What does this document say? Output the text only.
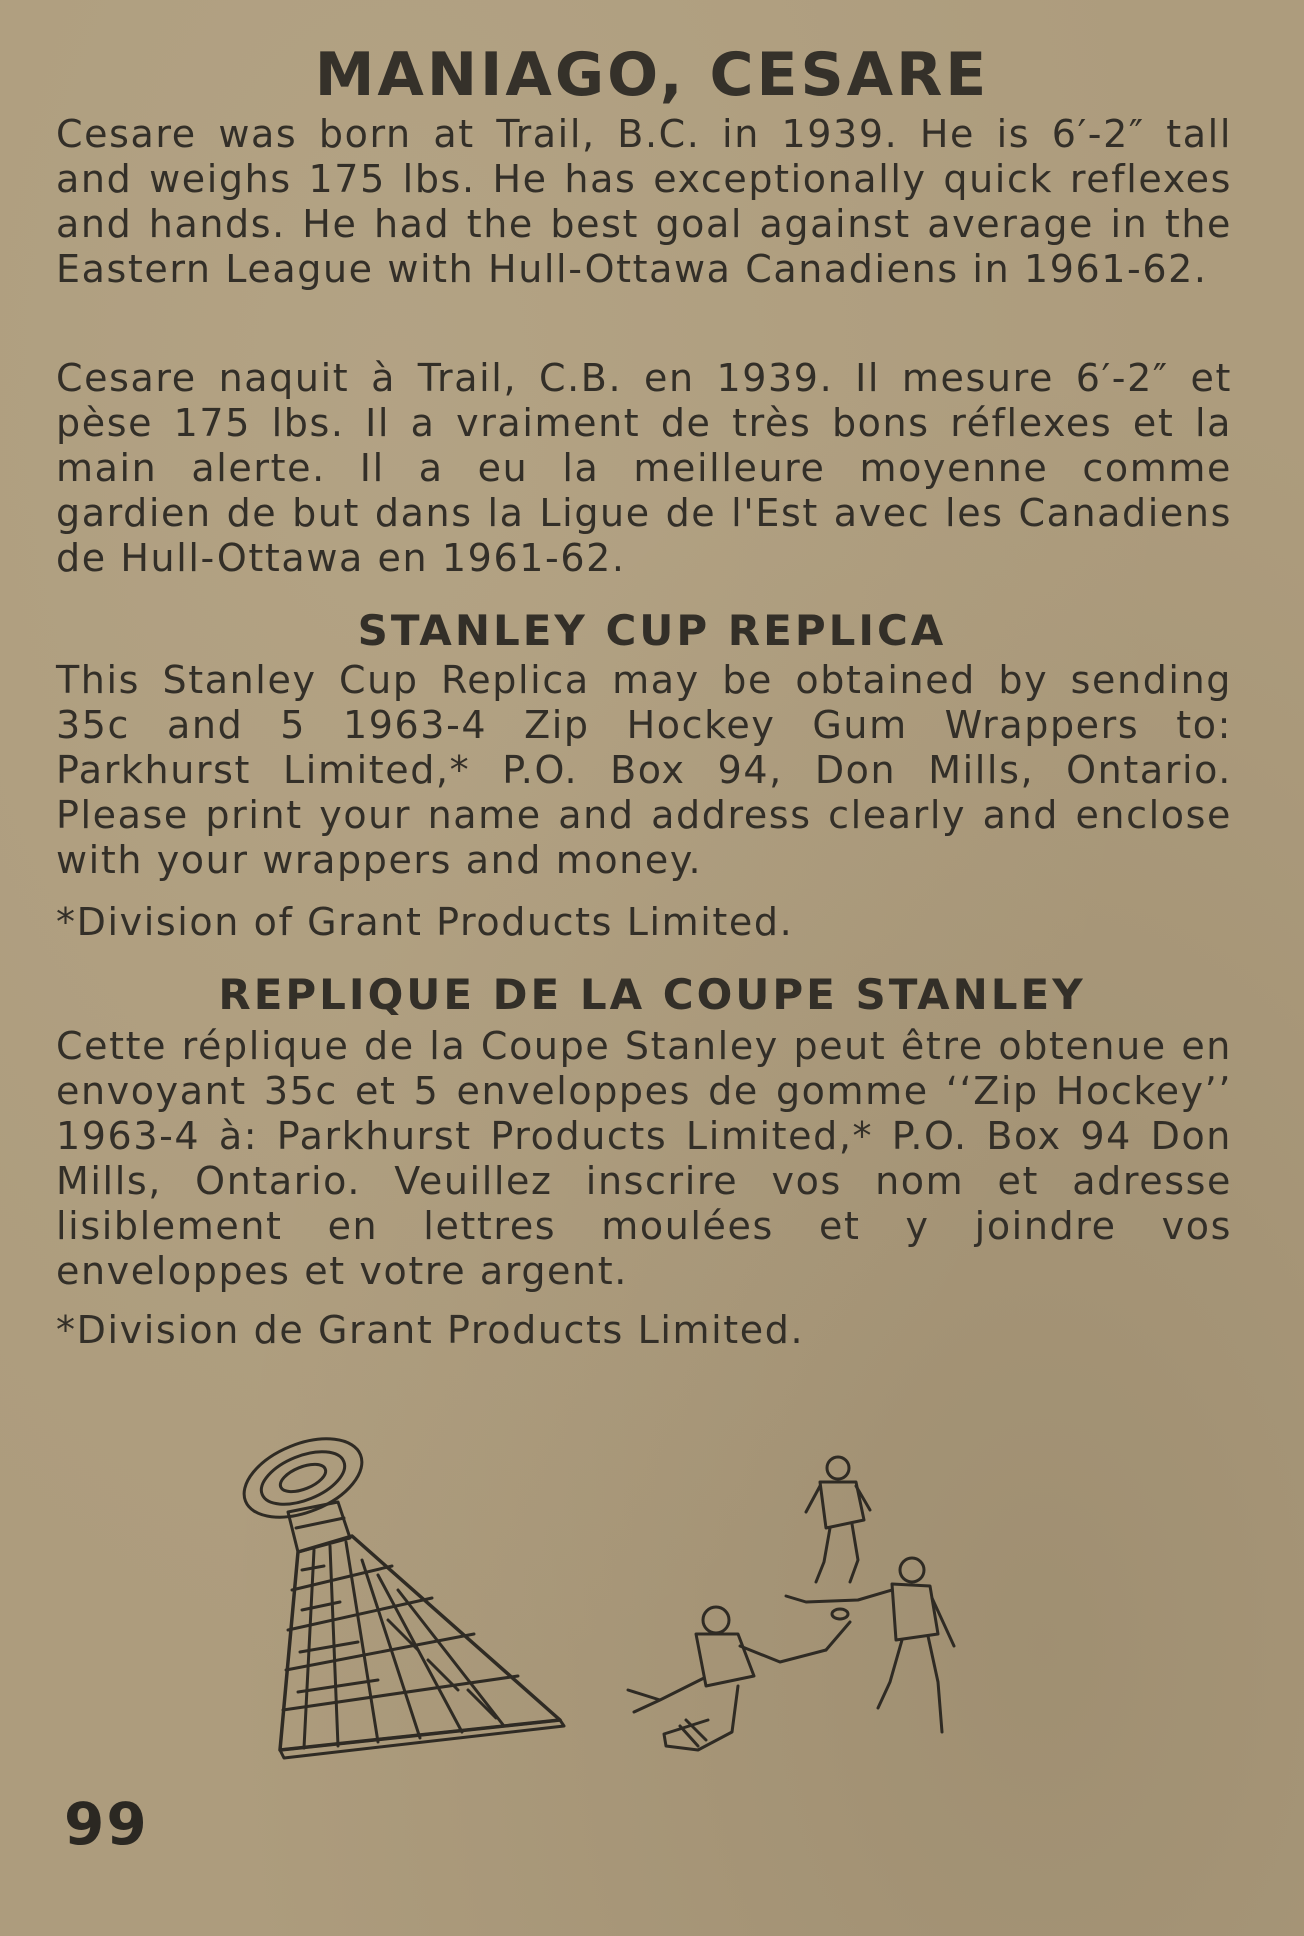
MANIAGO, CESARE

Cesare was born at Trail, B.C. in 1939. He is 6′-2″ tall and weighs 175 lbs. He has exceptionally quick reflexes and hands. He had the best goal against average in the Eastern League with Hull-Ottawa Canadiens in 1961-62.

Cesare naquit à Trail, C.B. en 1939. Il mesure 6′-2″ et pèse 175 lbs. Il a vraiment de très bons réflexes et la main alerte. Il a eu la meilleure moyenne comme gardien de but dans la Ligue de l'Est avec les Canadiens de Hull-Ottawa en 1961-62.

STANLEY CUP REPLICA

This Stanley Cup Replica may be obtained by sending 35c and 5 1963-4 Zip Hockey Gum Wrappers to: Parkhurst Limited,* P.O. Box 94, Don Mills, Ontario. Please print your name and address clearly and enclose with your wrappers and money.

*Division of Grant Products Limited.

REPLIQUE DE LA COUPE STANLEY

Cette réplique de la Coupe Stanley peut être obtenue en envoyant 35c et 5 enveloppes de gomme ‘‘Zip Hockey’’ 1963-4 à: Parkhurst Products Limited,* P.O. Box 94 Don Mills, Ontario. Veuillez inscrire vos nom et adresse lisiblement en lettres moulées et y joindre vos enveloppes et votre argent.

*Division de Grant Products Limited.

99
